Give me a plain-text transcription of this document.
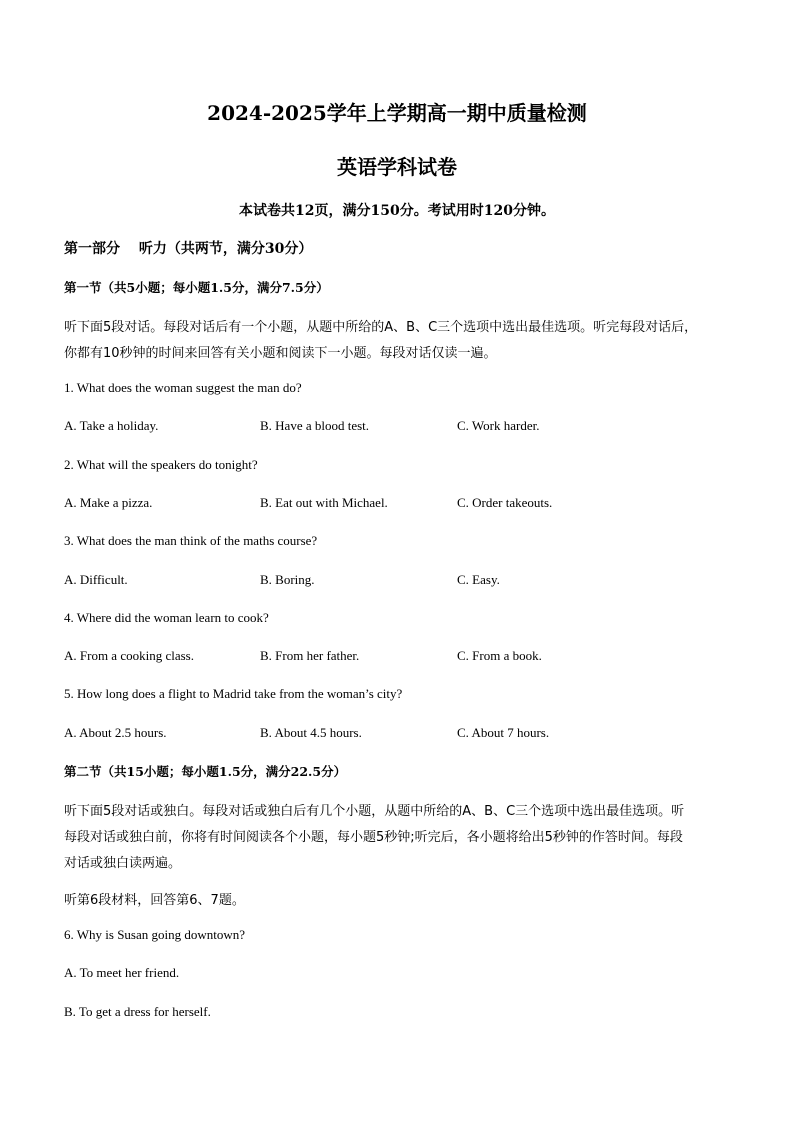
2024-2025学年上学期高一期中质量检测
英语学科试卷
本试卷共12页，满分150分。考试用时120分钟。
第一部分　 听力（共两节，满分30分）
第一节（共5小题；每小题1.5分，满分7.5分）
听下面5段对话。每段对话后有一个小题，从题中所给的A、B、C三个选项中选出最佳选项。听完每段对话后，
你都有10秒钟的时间来回答有关小题和阅读下一小题。每段对话仅读一遍。
1. What does the woman suggest the man do?
A. Take a holiday.	B. Have a blood test.	C. Work harder.
2. What will the speakers do tonight?
A. Make a pizza.	B. Eat out with Michael.	C. Order takeouts.
3. What does the man think of the maths course?
A. Difficult.	B. Boring.	C. Easy.
4. Where did the woman learn to cook?
A. From a cooking class.	B. From her father.	C. From a book.
5. How long does a flight to Madrid take from the woman’s city?
A. About 2.5 hours.	B. About 4.5 hours.	C. About 7 hours.
第二节（共15小题；每小题1.5分，满分22.5分）
听下面5段对话或独白。每段对话或独白后有几个小题，从题中所给的A、B、C三个选项中选出最佳选项。听
每段对话或独白前，你将有时间阅读各个小题，每小题5秒钟;听完后，各小题将给出5秒钟的作答时间。每段
对话或独白读两遍。
听第6段材料，回答第6、7题。
6. Why is Susan going downtown?
A. To meet her friend.
B. To get a dress for herself.
